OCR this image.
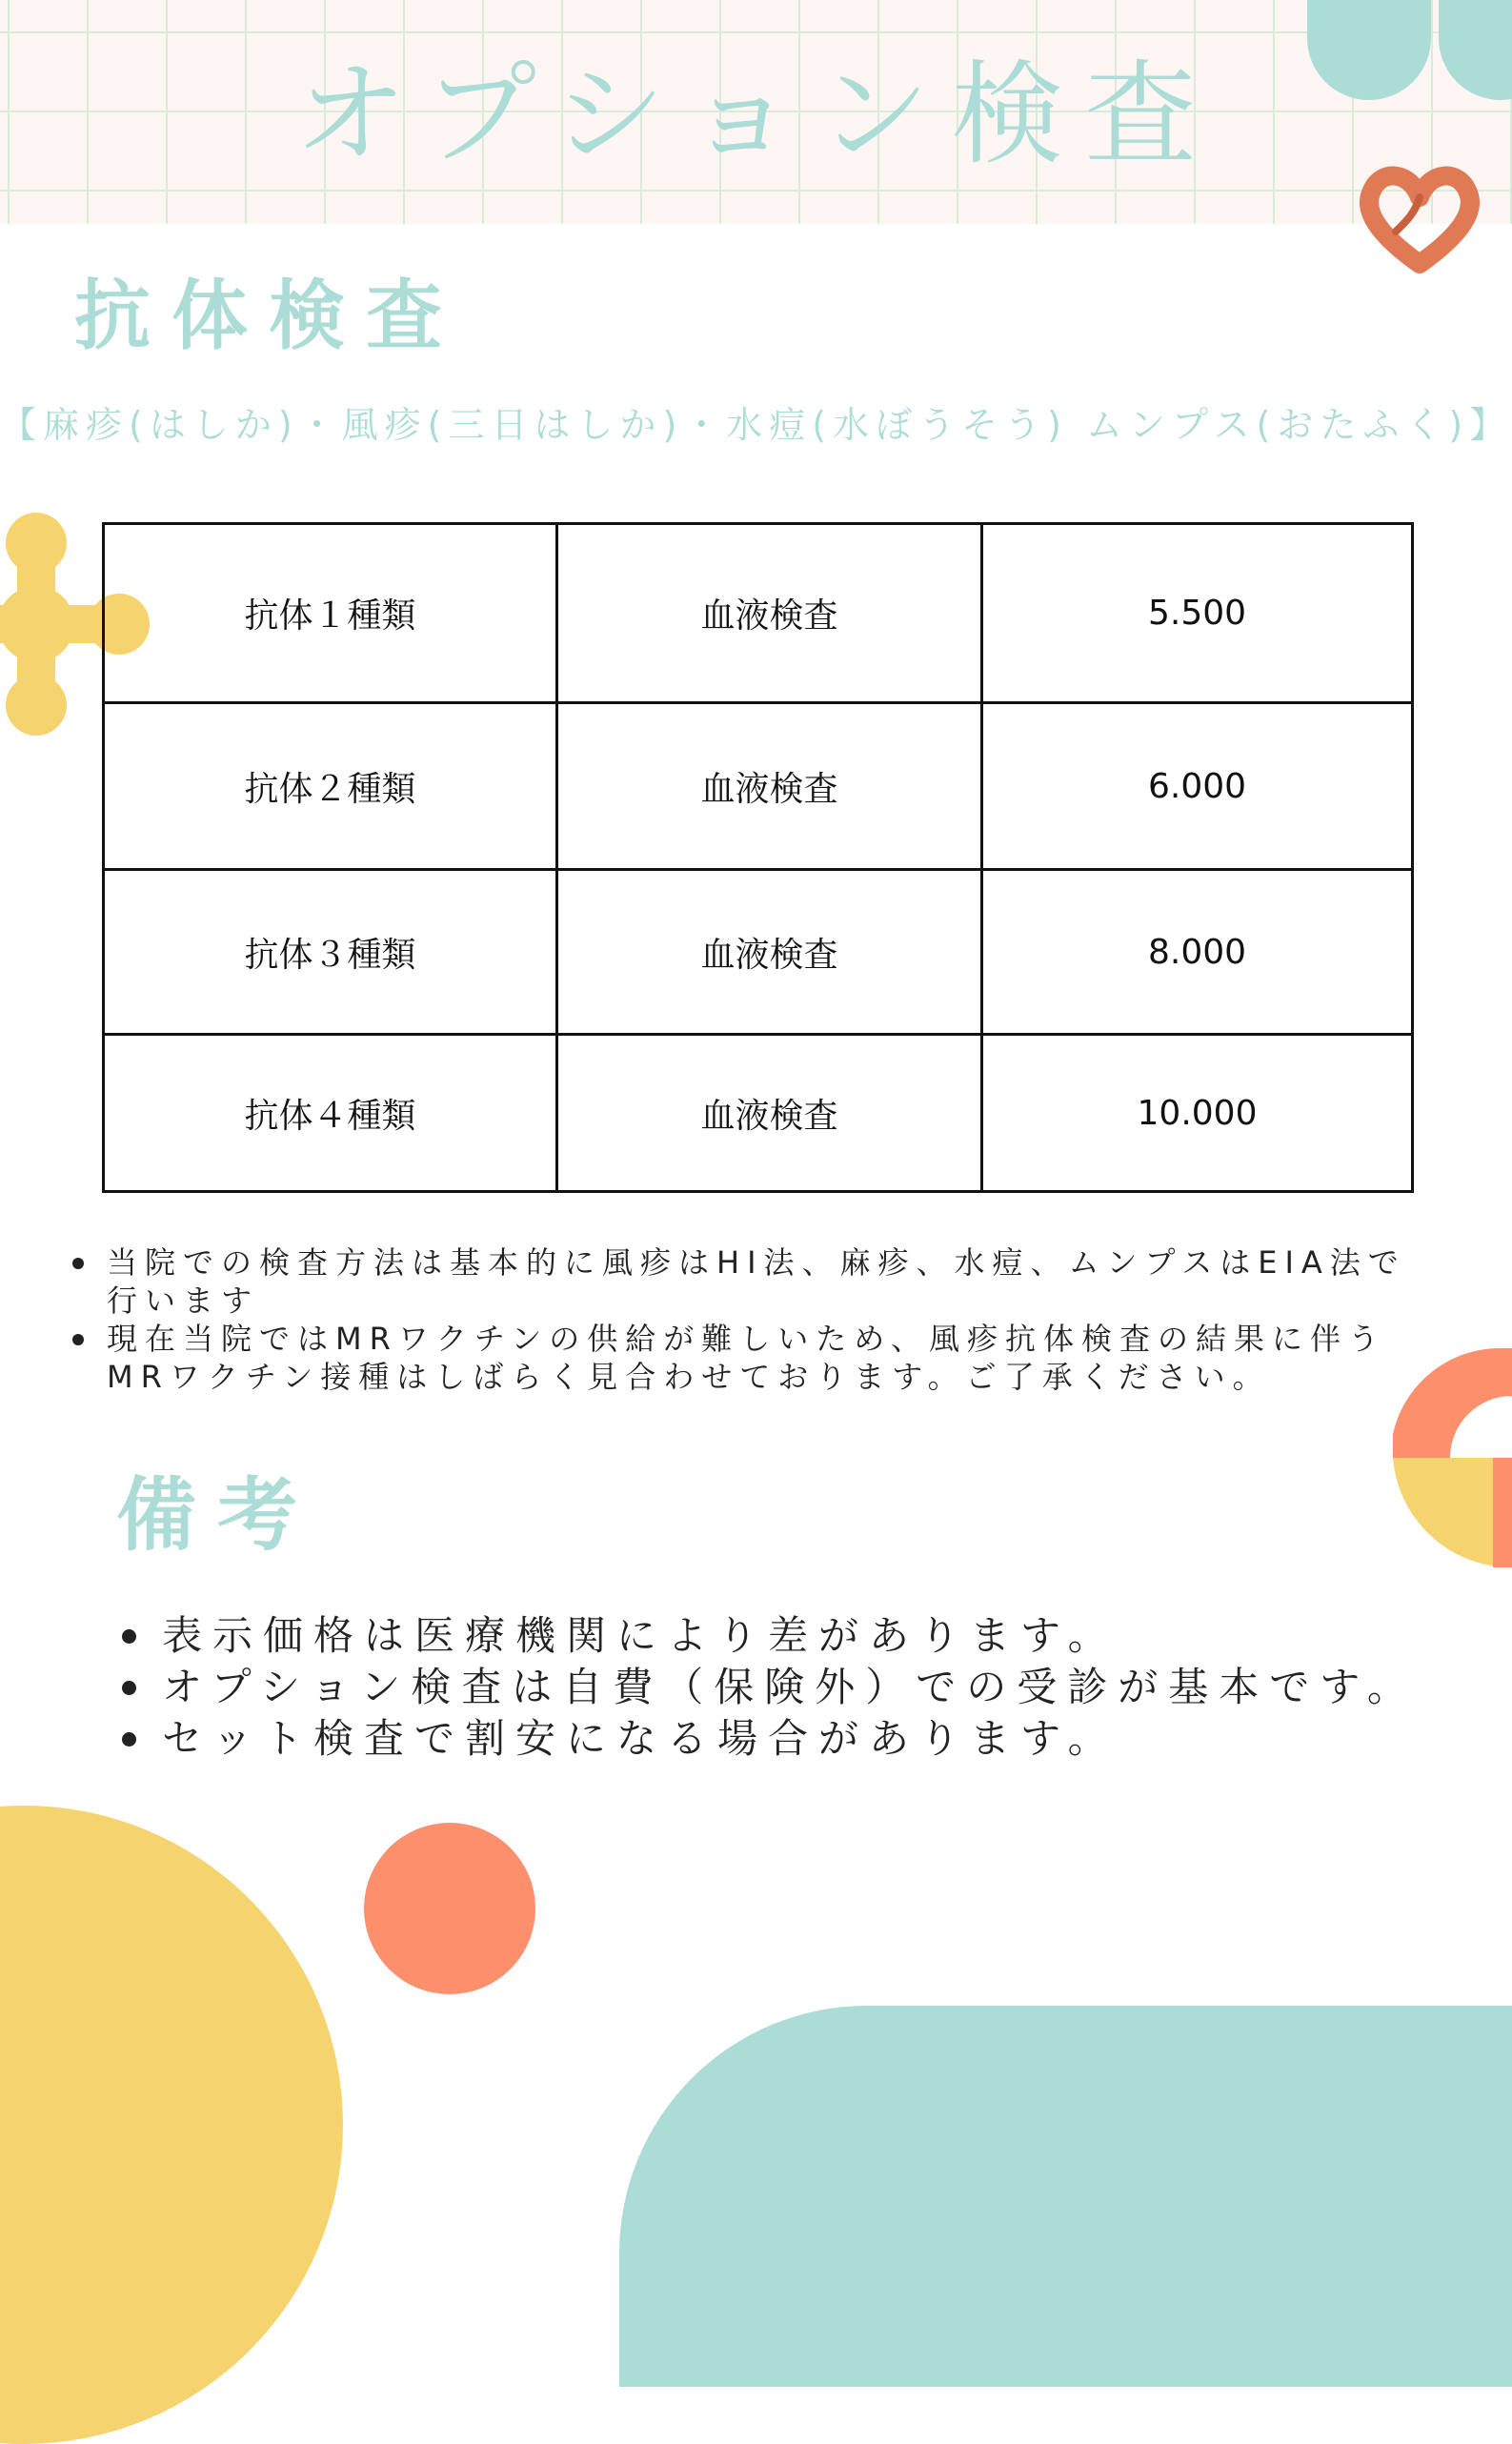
オプション検査
抗体検査
【麻疹(はしか)・風疹(三日はしか)・水痘(水ぼうそう) ムンプス(おたふく)】
抗体１種類	血液検査	5.500
抗体２種類	血液検査	6.000
抗体３種類	血液検査	8.000
抗体４種類	血液検査	10.000
当院での検査方法は基本的に風疹はHI法、麻疹、水痘、ムンプスはEIA法で行います
現在当院ではMRワクチンの供給が難しいため、風疹抗体検査の結果に伴うMRワクチン接種はしばらく見合わせております。ご了承ください。
備考
表示価格は医療機関により差があります。
オプション検査は自費（保険外）での受診が基本です。
セット検査で割安になる場合があります。
